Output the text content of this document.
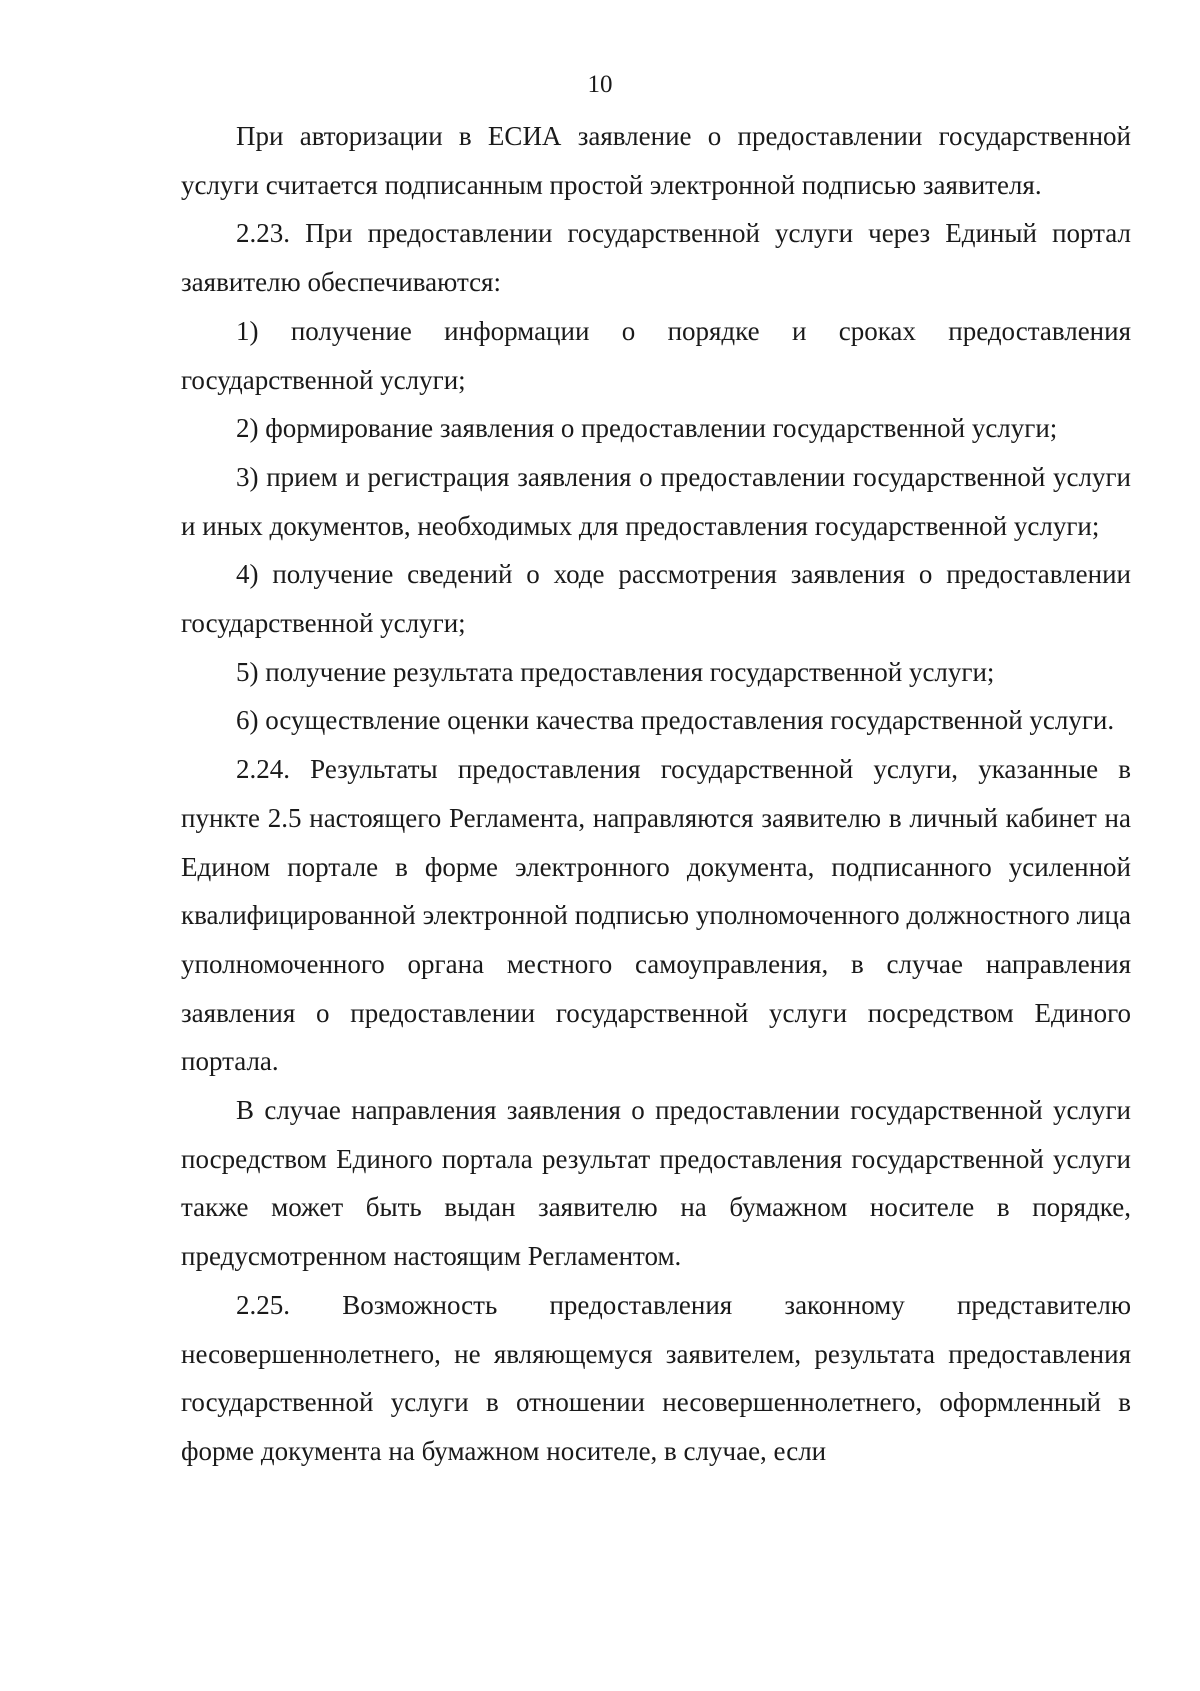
10

При авторизации в ЕСИА заявление о предоставлении государственной услуги считается подписанным простой электронной подписью заявителя.

2.23. При предоставлении государственной услуги через Единый портал заявителю обеспечиваются:

1) получение информации о порядке и сроках предоставления государственной услуги;

2) формирование заявления о предоставлении государственной услуги;

3) прием и регистрация заявления о предоставлении государственной услуги и иных документов, необходимых для предоставления государственной услуги;

4) получение сведений о ходе рассмотрения заявления о предоставлении государственной услуги;

5) получение результата предоставления государственной услуги;

6) осуществление оценки качества предоставления государственной услуги.

2.24. Результаты предоставления государственной услуги, указанные в пункте 2.5 настоящего Регламента, направляются заявителю в личный кабинет на Едином портале в форме электронного документа, подписанного усиленной квалифицированной электронной подписью уполномоченного должностного лица уполномоченного органа местного самоуправления, в случае направления заявления о предоставлении государственной услуги посредством Единого портала.

В случае направления заявления о предоставлении государственной услуги посредством Единого портала результат предоставления государственной услуги также может быть выдан заявителю на бумажном носителе в порядке, предусмотренном настоящим Регламентом.

2.25. Возможность предоставления законному представителю несовершеннолетнего, не являющемуся заявителем, результата предоставления государственной услуги в отношении несовершеннолетнего, оформленный в форме документа на бумажном носителе, в случае, если
